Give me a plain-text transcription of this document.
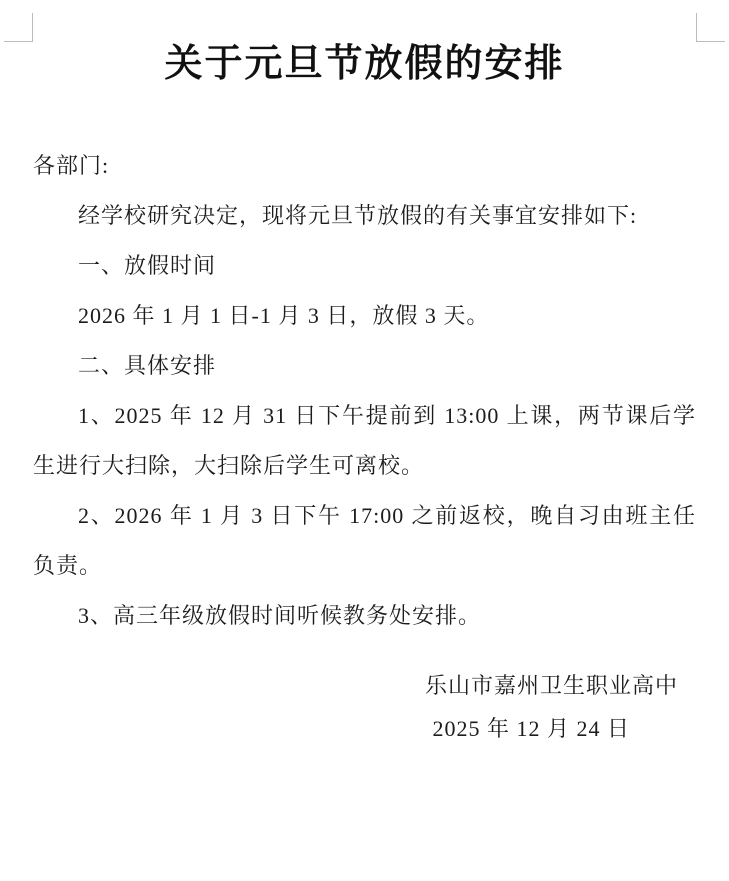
关于元旦节放假的安排

各部门:

经学校研究决定，现将元旦节放假的有关事宜安排如下:

一、放假时间

2026 年 1 月 1 日-1 月 3 日，放假 3 天。

二、具体安排

1、2025 年 12 月 31 日下午提前到 13:00 上课，两节课后学生进行大扫除，大扫除后学生可离校。

2、2026 年 1 月 3 日下午 17:00 之前返校，晚自习由班主任负责。

3、高三年级放假时间听候教务处安排。

乐山市嘉州卫生职业高中
2025 年 12 月 24 日
